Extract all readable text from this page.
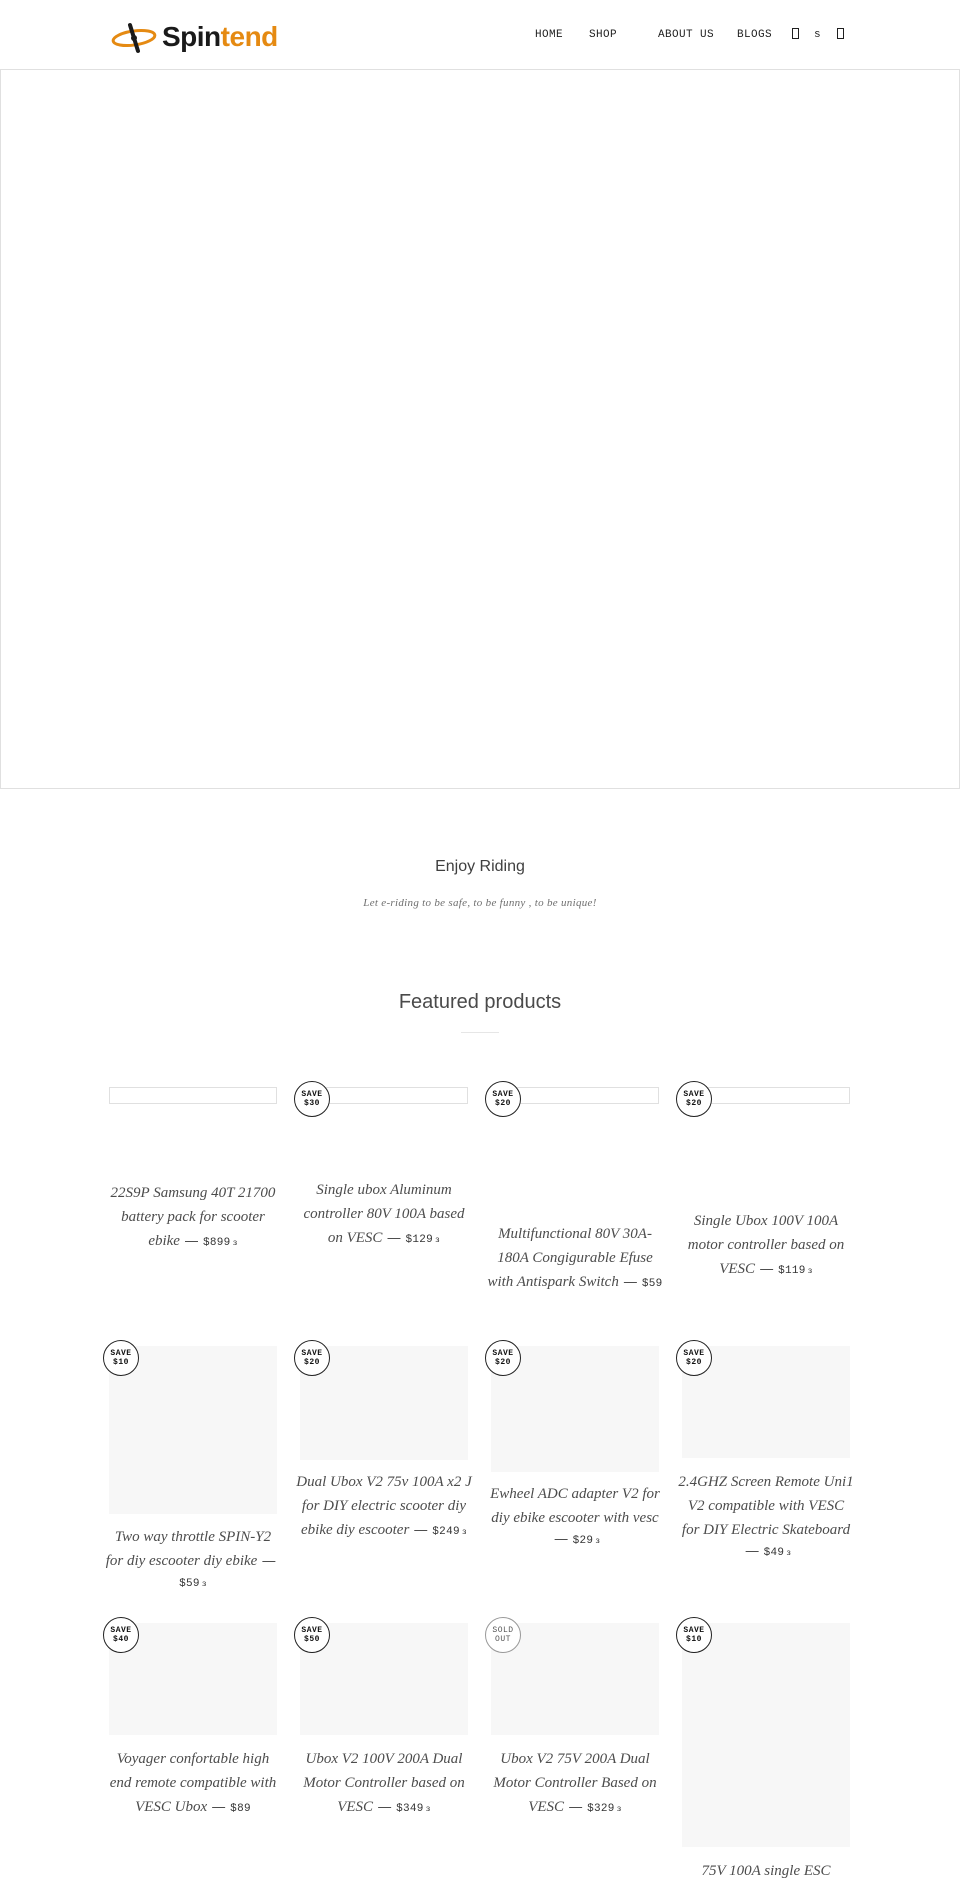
Spintend	HOME SHOP	ABOUT US BLOGS	s
Enjoy Riding
Let e-riding to be safe, to be funny , to be unique!
Featured products
22S9P Samsung 40T 21700 battery pack for scooter ebike — $899 з
SAVE
$30
Single ubox Aluminum controller 80V 100A based on VESC — $129 з
SAVE
$20
Multifunctional 80V 30A-180A Congigurable Efuse with Antispark Switch — $59
SAVE
$20
Single Ubox 100V 100A motor controller based on VESC — $119 з
SAVE
$10
Two way throttle SPIN-Y2 for diy escooter diy ebike —$59 з
SAVE
$20
Dual Ubox V2 75v 100A x2 J for DIY electric scooter diy ebike diy escooter — $249 з
SAVE
$20
Ewheel ADC adapter V2 for diy ebike escooter with vesc— $29 з
SAVE
$20
2.4GHZ Screen Remote Uni1 V2 compatible with VESC for DIY Electric Skateboard— $49 з
SAVE
$40
Voyager confortable high end remote compatible with VESC Ubox — $89
SAVE
$50
Ubox V2 100V 200A Dual Motor Controller based on VESC — $349 з
SOLD
OUT
Ubox V2 75V 200A Dual Motor Controller Based on VESC — $329 з
SAVE
$10
75V 100A single ESC
